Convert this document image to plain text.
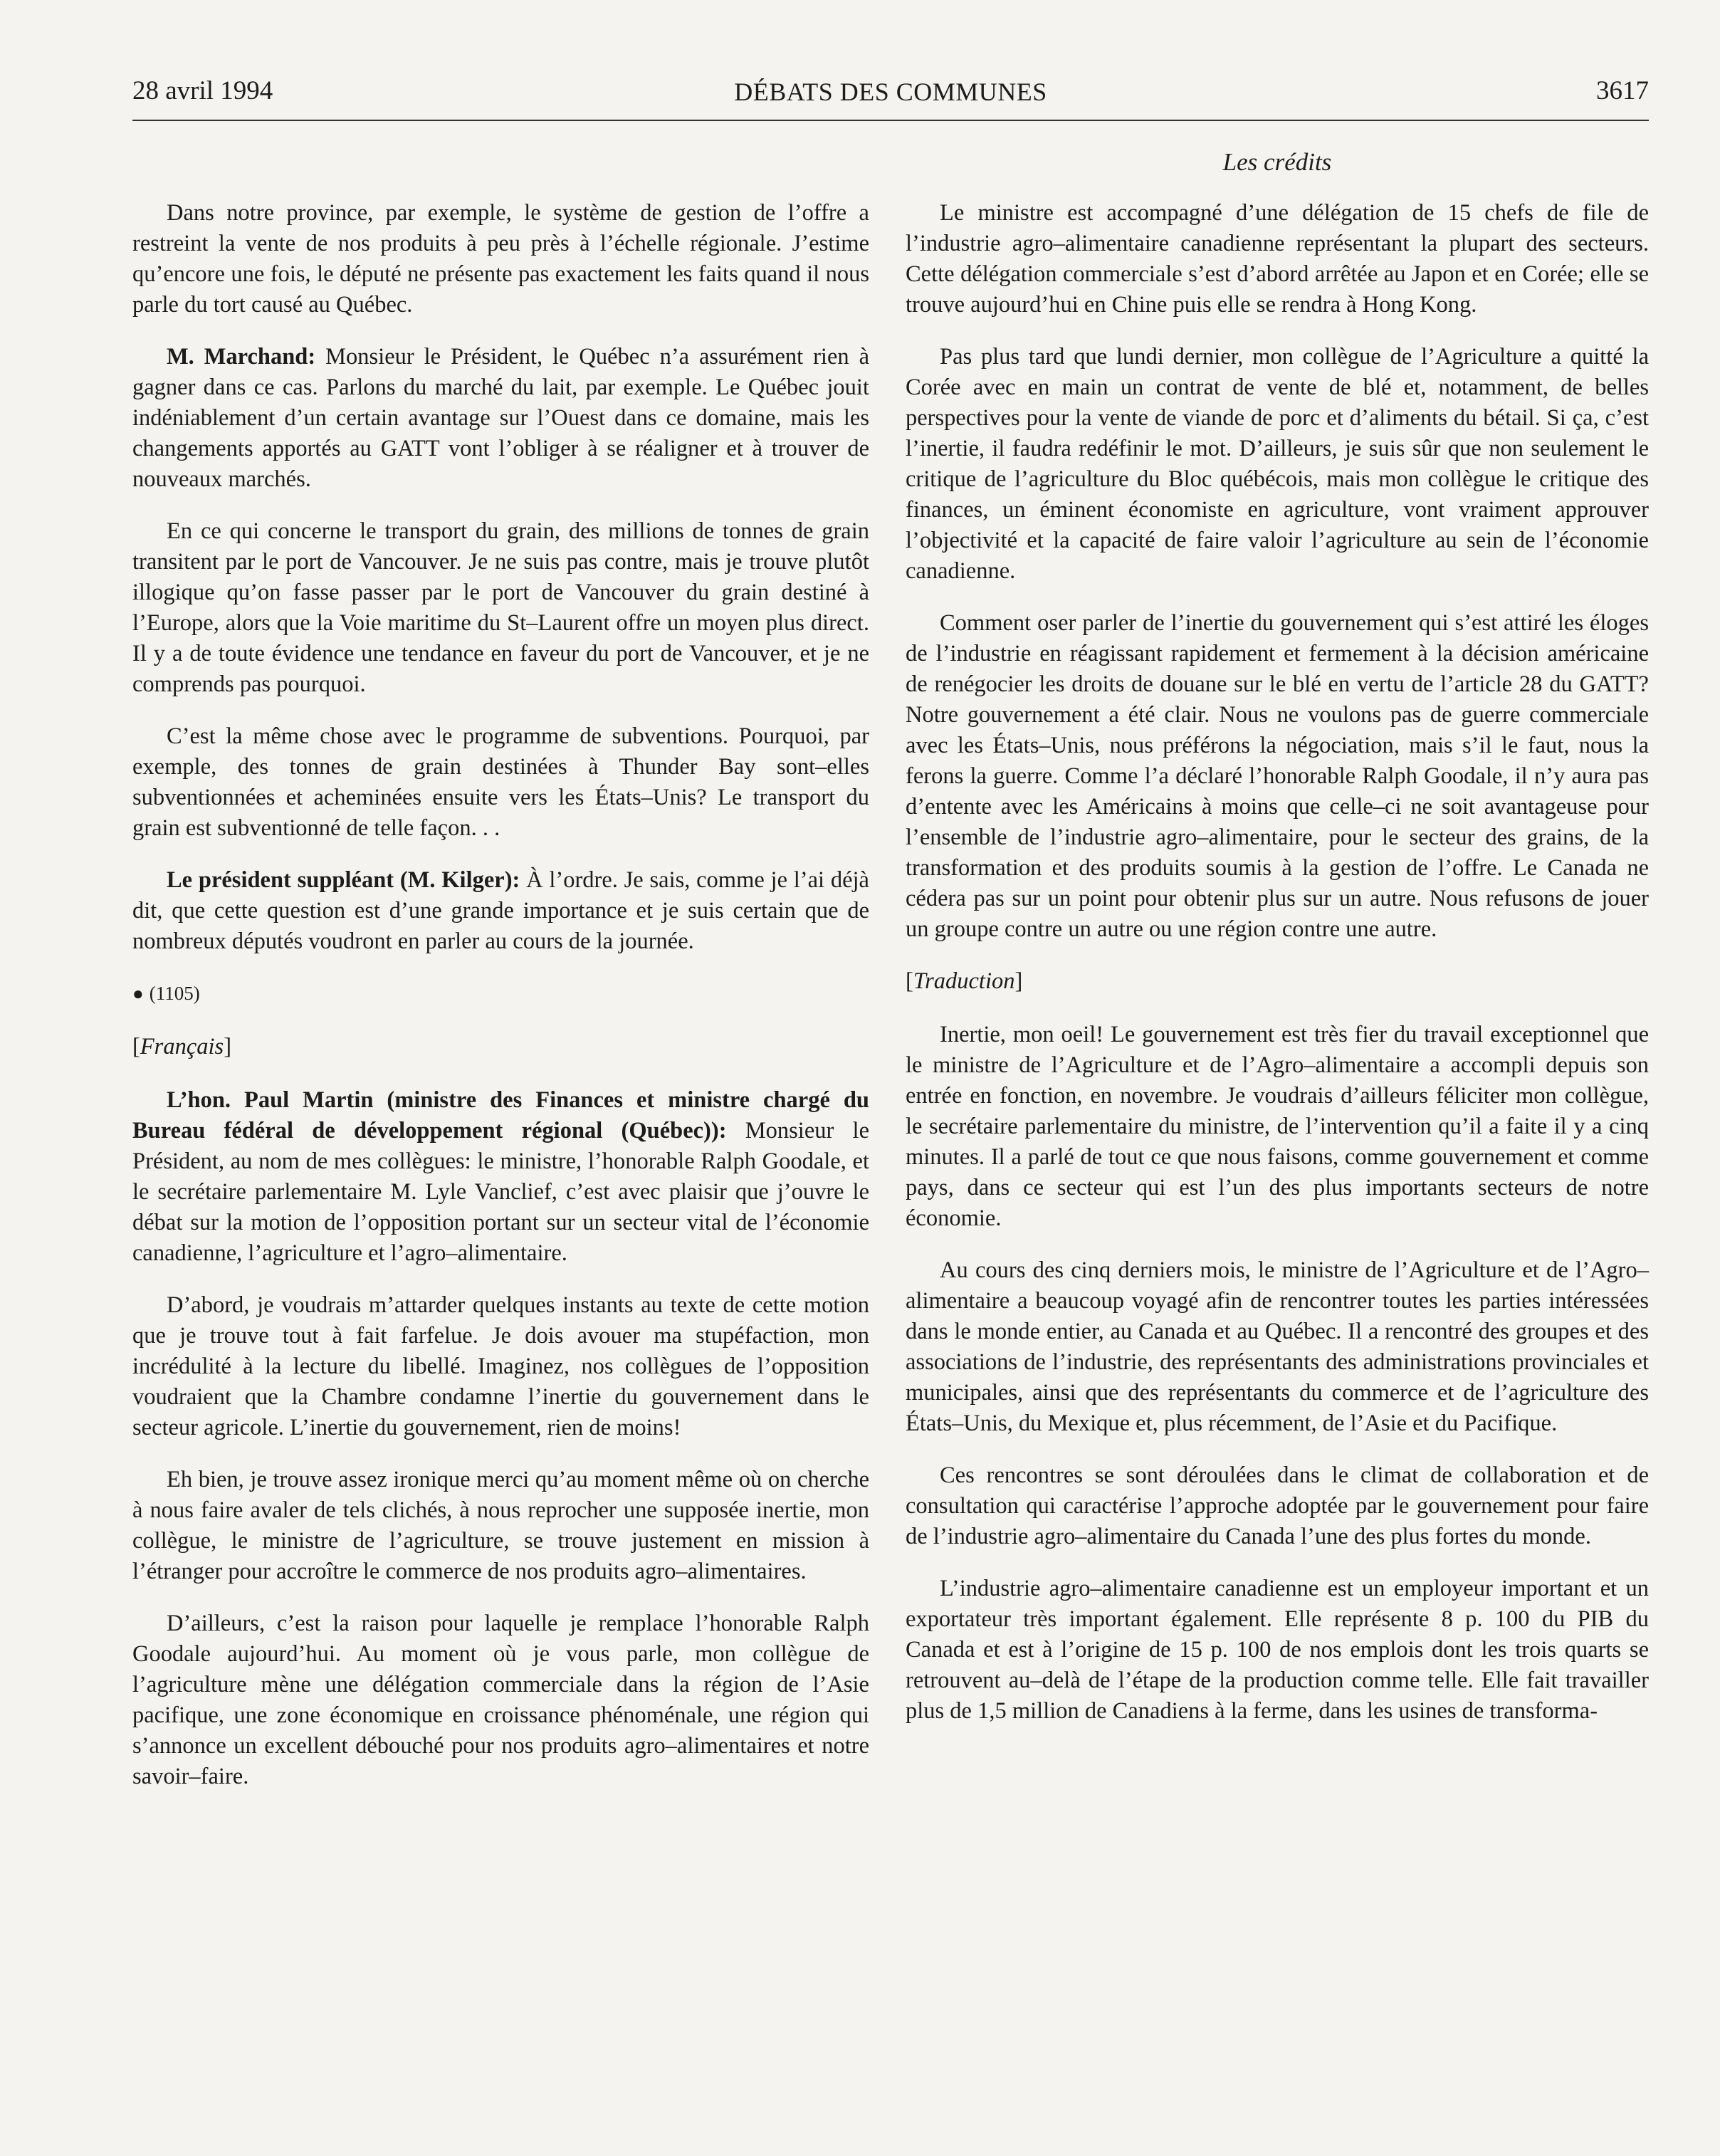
28 avril 1994	DÉBATS DES COMMUNES	3617
Les crédits

Dans notre province, par exemple, le système de gestion de l’offre a restreint la vente de nos produits à peu près à l’échelle régionale. J’estime qu’encore une fois, le député ne présente pas exactement les faits quand il nous parle du tort causé au Québec.

M. Marchand: Monsieur le Président, le Québec n’a assurément rien à gagner dans ce cas. Parlons du marché du lait, par exemple. Le Québec jouit indéniablement d’un certain avantage sur l’Ouest dans ce domaine, mais les changements apportés au GATT vont l’obliger à se réaligner et à trouver de nouveaux marchés.

En ce qui concerne le transport du grain, des millions de tonnes de grain transitent par le port de Vancouver. Je ne suis pas contre, mais je trouve plutôt illogique qu’on fasse passer par le port de Vancouver du grain destiné à l’Europe, alors que la Voie maritime du St–Laurent offre un moyen plus direct. Il y a de toute évidence une tendance en faveur du port de Vancouver, et je ne comprends pas pourquoi.

C’est la même chose avec le programme de subventions. Pourquoi, par exemple, des tonnes de grain destinées à Thunder Bay sont–elles subventionnées et acheminées ensuite vers les États–Unis? Le transport du grain est subventionné de telle façon. . .

Le président suppléant (M. Kilger): À l’ordre. Je sais, comme je l’ai déjà dit, que cette question est d’une grande importance et je suis certain que de nombreux députés voudront en parler au cours de la journée.

● (1105)

[Français]

L’hon. Paul Martin (ministre des Finances et ministre chargé du Bureau fédéral de développement régional (Québec)): Monsieur le Président, au nom de mes collègues: le ministre, l’honorable Ralph Goodale, et le secrétaire parlementaire M. Lyle Vanclief, c’est avec plaisir que j’ouvre le débat sur la motion de l’opposition portant sur un secteur vital de l’économie canadienne, l’agriculture et l’agro–alimentaire.

D’abord, je voudrais m’attarder quelques instants au texte de cette motion que je trouve tout à fait farfelue. Je dois avouer ma stupéfaction, mon incrédulité à la lecture du libellé. Imaginez, nos collègues de l’opposition voudraient que la Chambre condamne l’inertie du gouvernement dans le secteur agricole. L’inertie du gouvernement, rien de moins!

Eh bien, je trouve assez ironique merci qu’au moment même où on cherche à nous faire avaler de tels clichés, à nous reprocher une supposée inertie, mon collègue, le ministre de l’agriculture, se trouve justement en mission à l’étranger pour accroître le commerce de nos produits agro–alimentaires.

D’ailleurs, c’est la raison pour laquelle je remplace l’honorable Ralph Goodale aujourd’hui. Au moment où je vous parle, mon collègue de l’agriculture mène une délégation commerciale dans la région de l’Asie pacifique, une zone économique en croissance phénoménale, une région qui s’annonce un excellent débouché pour nos produits agro–alimentaires et notre savoir–faire.

Le ministre est accompagné d’une délégation de 15 chefs de file de l’industrie agro–alimentaire canadienne représentant la plupart des secteurs. Cette délégation commerciale s’est d’abord arrêtée au Japon et en Corée; elle se trouve aujourd’hui en Chine puis elle se rendra à Hong Kong.

Pas plus tard que lundi dernier, mon collègue de l’Agriculture a quitté la Corée avec en main un contrat de vente de blé et, notamment, de belles perspectives pour la vente de viande de porc et d’aliments du bétail. Si ça, c’est l’inertie, il faudra redéfinir le mot. D’ailleurs, je suis sûr que non seulement le critique de l’agriculture du Bloc québécois, mais mon collègue le critique des finances, un éminent économiste en agriculture, vont vraiment approuver l’objectivité et la capacité de faire valoir l’agriculture au sein de l’économie canadienne.

Comment oser parler de l’inertie du gouvernement qui s’est attiré les éloges de l’industrie en réagissant rapidement et fermement à la décision américaine de renégocier les droits de douane sur le blé en vertu de l’article 28 du GATT? Notre gouvernement a été clair. Nous ne voulons pas de guerre commerciale avec les États–Unis, nous préférons la négociation, mais s’il le faut, nous la ferons la guerre. Comme l’a déclaré l’honorable Ralph Goodale, il n’y aura pas d’entente avec les Américains à moins que celle–ci ne soit avantageuse pour l’ensemble de l’industrie agro–alimentaire, pour le secteur des grains, de la transformation et des produits soumis à la gestion de l’offre. Le Canada ne cédera pas sur un point pour obtenir plus sur un autre. Nous refusons de jouer un groupe contre un autre ou une région contre une autre.

[Traduction]

Inertie, mon oeil! Le gouvernement est très fier du travail exceptionnel que le ministre de l’Agriculture et de l’Agro–alimentaire a accompli depuis son entrée en fonction, en novembre. Je voudrais d’ailleurs féliciter mon collègue, le secrétaire parlementaire du ministre, de l’intervention qu’il a faite il y a cinq minutes. Il a parlé de tout ce que nous faisons, comme gouvernement et comme pays, dans ce secteur qui est l’un des plus importants secteurs de notre économie.

Au cours des cinq derniers mois, le ministre de l’Agriculture et de l’Agro–alimentaire a beaucoup voyagé afin de rencontrer toutes les parties intéressées dans le monde entier, au Canada et au Québec. Il a rencontré des groupes et des associations de l’industrie, des représentants des administrations provinciales et municipales, ainsi que des représentants du commerce et de l’agriculture des États–Unis, du Mexique et, plus récemment, de l’Asie et du Pacifique.

Ces rencontres se sont déroulées dans le climat de collaboration et de consultation qui caractérise l’approche adoptée par le gouvernement pour faire de l’industrie agro–alimentaire du Canada l’une des plus fortes du monde.

L’industrie agro–alimentaire canadienne est un employeur important et un exportateur très important également. Elle représente 8 p. 100 du PIB du Canada et est à l’origine de 15 p. 100 de nos emplois dont les trois quarts se retrouvent au–delà de l’étape de la production comme telle. Elle fait travailler plus de 1,5 million de Canadiens à la ferme, dans les usines de transforma-
